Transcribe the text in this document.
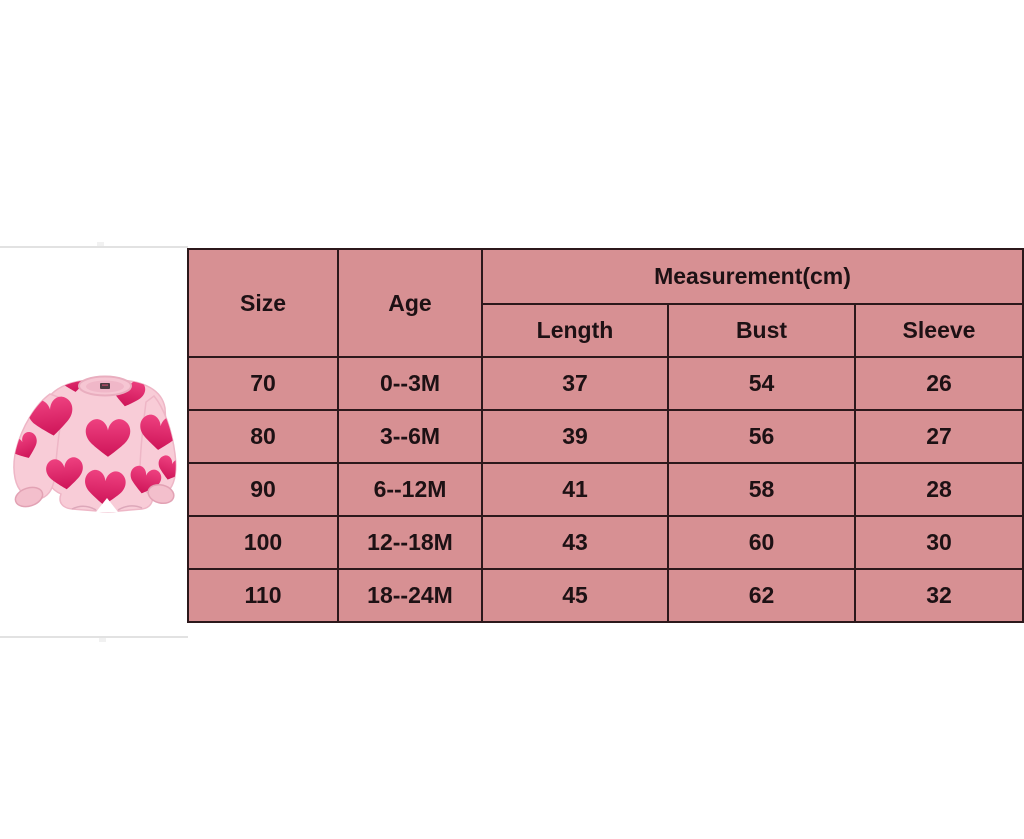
Size	Age	Measurement(cm)		
		Length	Bust	Sleeve
70	0--3M	37	54	26
80	3--6M	39	56	27
90	6--12M	41	58	28
100	12--18M	43	60	30
110	18--24M	45	62	32
